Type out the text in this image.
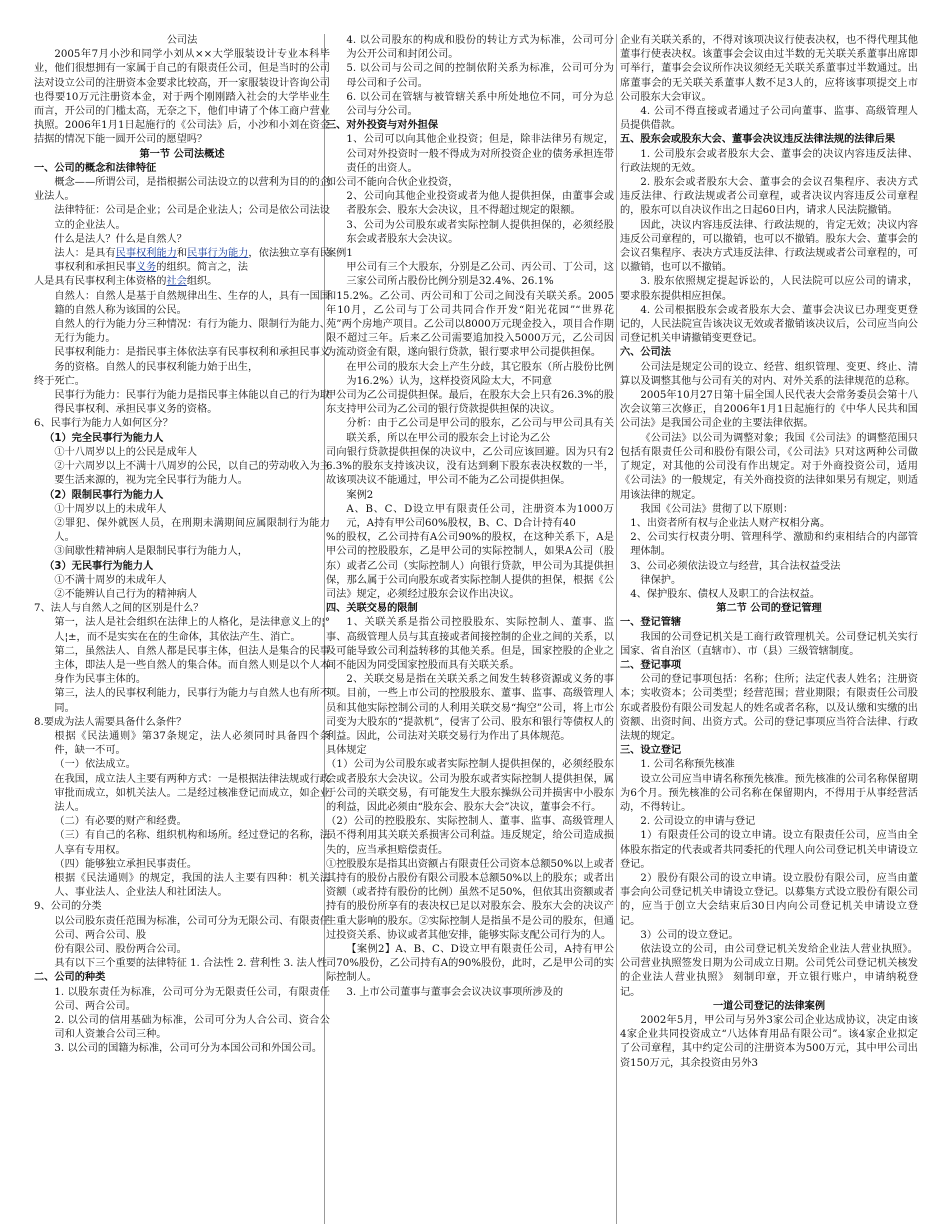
公司法

2005年7月小沙和同学小刘从××大学服装设计专业本科毕业，他们很想拥有一家属于自己的有限责任公司，但是当时的公司法对设立公司的注册资本金要求比较高，开一家服装设计咨询公司也得要10万元注册资本金，对于两个刚刚踏入社会的大学毕业生而言，开公司的门槛太高，无奈之下，他们申请了个体工商户营业执照。2006年1月1日起施行的《公司法》后，小沙和小刘在资金拮据的情况下能一圆开公司的愿望吗？

第一节 公司法概述

一、公司的概念和法律特征

概念——所谓公司，是指根据公司法设立的以营利为目的的企业法人。

法律特征：公司是企业；公司是企业法人；公司是依公司法设立的企业法人。

什么是法人？什么是自然人？

法人：是具有民事权利能力和民事行为能力，依法独立享有民事权利和承担民事义务的组织。简言之，法

人是具有民事权利主体资格的社会组织。

自然人：自然人是基于自然规律出生、生存的人，具有一国国籍的自然人称为该国的公民。

自然人的行为能力分三种情况：有行为能力、限制行为能力、无行为能力。

民事权利能力：是指民事主体依法享有民事权利和承担民事义务的资格。自然人的民事权利能力始于出生，

终于死亡。

民事行为能力：民事行为能力是指民事主体能以自己的行为取得民事权利、承担民事义务的资格。

6、民事行为能力人如何区分？

（1）完全民事行为能力人

①十八周岁以上的公民是成年人

②十六周岁以上不满十八周岁的公民，以自己的劳动收入为主要生活来源的，视为完全民事行为能力人。

（2）限制民事行为能力人

①十周岁以上的未成年人

②罪犯、保外就医人员，在刑期未满期间应属限制行为能力人。

③间歇性精神病人是限制民事行为能力人，

（3）无民事行为能力人

①不满十周岁的未成年人

②不能辨认自己行为的精神病人

7、法人与自然人之间的区别是什么？

第一，法人是社会组织在法律上的人格化，是法律意义上的¦°人¦±，而不是实实在在的生命体，其依法产生、消亡。

第二，虽然法人、自然人都是民事主体，但法人是集合的民事主体，即法人是一些自然人的集合体。而自然人则是以个人本身作为民事主体的。

第三，法人的民事权利能力，民事行为能力与自然人也有所不同。

8.要成为法人需要具备什么条件？

根据《民法通则》第37条规定，法人必须同时具备四个条件，缺一不可。

（一）依法成立。

在我国，成立法人主要有两种方式：一是根据法律法规或行政审批而成立，如机关法人。二是经过核准登记而成立，如企业法人。

（二）有必要的财产和经费。

（三）有自己的名称、组织机构和场所。经过登记的名称，法人享有专用权。

（四）能够独立承担民事责任。

根据《民法通则》的规定，我国的法人主要有四种：机关法人、事业法人、企业法人和社团法人。

9、公司的分类

以公司股东责任范围为标准，公司可分为无限公司、有限责任公司、两合公司、股

份有限公司、股份两合公司。

具有以下三个重要的法律特征 1. 合法性 2. 营利性 3. 法人性

二、公司的种类

1. 以股东责任为标准，公司可分为无限责任公司，有限责任公司、两合公司。

2. 以公司的信用基础为标准，公司可分为人合公司、资合公司和人资兼合公司三种。

3. 以公司的国籍为标准，公司可分为本国公司和外国公司。

4. 以公司股东的构成和股份的转让方式为标准，公司可分为公开公司和封闭公司。

5. 以公司与公司之间的控制依附关系为标准，公司可分为母公司和子公司。

6. 以公司在管辖与被管辖关系中所处地位不同，可分为总公司与分公司。

三、对外投资与对外担保

1、公司可以向其他企业投资；但是，除非法律另有规定，公司对外投资时一般不得成为对所投资企业的债务承担连带责任的出资人。

如公司不能向合伙企业投资，

2、公司向其他企业投资或者为他人提供担保，由董事会或者股东会、股东大会决议，且不得超过规定的限额。

3、公司为公司股东或者实际控制人提供担保的，必须经股东会或者股东大会决议。

案例1

甲公司有三个大股东，分别是乙公司、丙公司、丁公司，这三家公司所占股份比例分别是32.4%、26.1%

和15.2%。乙公司、丙公司和丁公司之间没有关联关系。2005年10月，乙公司与丁公司共同合作开发“阳光花园”“世界花苑”两个房地产项目。乙公司以8000万元现金投入，项目合作期限不超过三年。后来乙公司需要追加投入5000万元，乙公司因为流动资金有限，遂向银行贷款，银行要求甲公司提供担保。

在甲公司的股东大会上产生分歧，其它股东（所占股份比例为16.2%）认为，这样投资风险太大，不同意

甲公司为乙公司提供担保。最后，在股东大会上只有26.3%的股东支持甲公司为乙公司的银行贷款提供担保的决议。

分析：由于乙公司是甲公司的股东，乙公司与甲公司具有关联关系，所以在甲公司的股东会上讨论为乙公

司向银行贷款提供担保的决议中，乙公司应该回避。因为只有26.3%的股东支持该决议，没有达到剩下股东表决权数的一半，故该项决议不能通过，甲公司不能为乙公司提供担保。

案例2

A、B、C、D设立甲有限责任公司，注册资本为1000万元，A持有甲公司60%股权，B、C、D合计持有40

%的股权，乙公司持有A公司90%的股权，在这种关系下，A是甲公司的控股股东，乙是甲公司的实际控制人，如果A公司（股东）或者乙公司（实际控制人）向银行贷款，甲公司为其提供担保，那么属于公司向股东或者实际控制人提供的担保，根据《公司法》规定，必须经过股东会议作出决议。

四、关联交易的限制

1、关联关系是指公司控股股东、实际控制人、董事、监事、高级管理人员与其直接或者间接控制的企业之间的关系，以及可能导致公司利益转移的其他关系。但是，国家控股的企业之间不能因为同受国家控股而具有关联关系。

2、关联交易是指在关联关系之间发生转移资源或义务的事项。目前，一些上市公司的控股股东、董事、监事、高级管理人员和其他实际控制公司的人利用关联交易“掏空”公司，将上市公司变为大股东的“提款机”，侵害了公司、股东和银行等债权人的利益。因此，公司法对关联交易行为作出了具体规范。

具体规定

（1）公司为公司股东或者实际控制人提供担保的，必须经股东会或者股东大会决议。公司为股东或者实际控制人提供担保，属于公司的关联交易，有可能发生大股东操纵公司并损害中小股东的利益，因此必须由“股东会、股东大会”决议，董事会不行。

（2）公司的控股股东、实际控制人、董事、监事、高级管理人员不得利用其关联关系损害公司利益。违反规定，给公司造成损失的，应当承担赔偿责任。

①控股股东是指其出资额占有限责任公司资本总额50%以上或者其持有的股份占股份有限公司股本总额50%以上的股东；或者出资额（或者持有股份的比例）虽然不足50%，但依其出资额或者持有的股份所享有的表决权已足以对股东会、股东大会的决议产生重大影响的股东。②实际控制人是指虽不是公司的股东，但通过投资关系、协议或者其他安排，能够实际支配公司行为的人。

【案例2】A、B、C、D设立甲有限责任公司，A持有甲公司70%股份，乙公司持有A的90%股份，此时，乙是甲公司的实际控制人。

3. 上市公司董事与董事会会议决议事项所涉及的

企业有关联关系的，不得对该项决议行使表决权，也不得代理其他董事行使表决权。该董事会会议由过半数的无关联关系董事出席即可举行，董事会会议所作决议须经无关联关系董事过半数通过。出席董事会的无关联关系董事人数不足3人的，应将该事项提交上市公司股东大会审议。

4. 公司不得直接或者通过子公司向董事、监事、高级管理人员提供借款。

五、股东会或股东大会、董事会决议违反法律法规的法律后果

1. 公司股东会或者股东大会、董事会的决议内容违反法律、行政法规的无效。

2. 股东会或者股东大会、董事会的会议召集程序、表决方式违反法律、行政法规或者公司章程，或者决议内容违反公司章程的，股东可以自决议作出之日起60日内，请求人民法院撤销。

因此，决议内容违反法律、行政法规的，肯定无效；决议内容违反公司章程的，可以撤销，也可以不撤销。股东大会、董事会的会议召集程序、表决方式违反法律、行政法规或者公司章程的，可以撤销，也可以不撤销。

3. 股东依照规定提起诉讼的，人民法院可以应公司的请求，要求股东提供相应担保。

4. 公司根据股东会或者股东大会、董事会决议已办理变更登记的，人民法院宣告该决议无效或者撤销该决议后，公司应当向公司登记机关申请撤销变更登记。

六、公司法

公司法是规定公司的设立、经营、组织管理、变更、终止、清算以及调整其他与公司有关的对内、对外关系的法律规范的总称。

2005年10月27日第十届全国人民代表大会常务委员会第十八次会议第三次修正，自2006年1月1日起施行的《中华人民共和国公司法》是我国公司企业的主要法律依据。

《公司法》以公司为调整对象；我国《公司法》的调整范围只包括有限责任公司和股份有限公司，《公司法》只对这两种公司做了规定，对其他的公司没有作出规定。对于外商投资公司，适用《公司法》的一般规定，有关外商投资的法律如果另有规定，则适用该法律的规定。

我国《公司法》贯彻了以下原则：

1、出资者所有权与企业法人财产权相分离。

2、公司实行权责分明、管理科学、激励和约束相结合的内部管理体制。

3、公司必须依法设立与经营，其合法权益受法

律保护。

4、保护股东、债权人及职工的合法权益。

第二节 公司的登记管理

一、登记管辖

我国的公司登记机关是工商行政管理机关。公司登记机关实行国家、省自治区（直辖市）、市（县）三级管辖制度。

二、登记事项

公司的登记事项包括：名称；住所；法定代表人姓名；注册资本；实收资本；公司类型；经营范围；营业期限；有限责任公司股东或者股份有限公司发起人的姓名或者名称，以及认缴和实缴的出资额、出资时间、出资方式。公司的登记事项应当符合法律、行政法规的规定。

三、设立登记

1. 公司名称预先核准

设立公司应当申请名称预先核准。预先核准的公司名称保留期为6个月。预先核准的公司名称在保留期内，不得用于从事经营活动，不得转让。

2. 公司设立的申请与登记

1）有限责任公司的设立申请。设立有限责任公司，应当由全体股东指定的代表或者共同委托的代理人向公司登记机关申请设立登记。

2）股份有限公司的设立申请。设立股份有限公司，应当由董事会向公司登记机关申请设立登记。以募集方式设立股份有限公司的，应当于创立大会结束后30日内向公司登记机关申请设立登记。

3）公司的设立登记。

依法设立的公司，由公司登记机关发给企业法人营业执照》。公司营业执照签发日期为公司成立日期。公司凭公司登记机关核发的企业法人营业执照》 刻制印章，开立银行账户，申请纳税登记。

一道公司登记的法律案例

2002年5月，甲公司与另外3家公司企业达成协议，决定由该4家企业共同投资成立“八达体育用品有限公司”。该4家企业拟定了公司章程，其中约定公司的注册资本为500万元，其中甲公司出资150万元，其余投资由另外3
